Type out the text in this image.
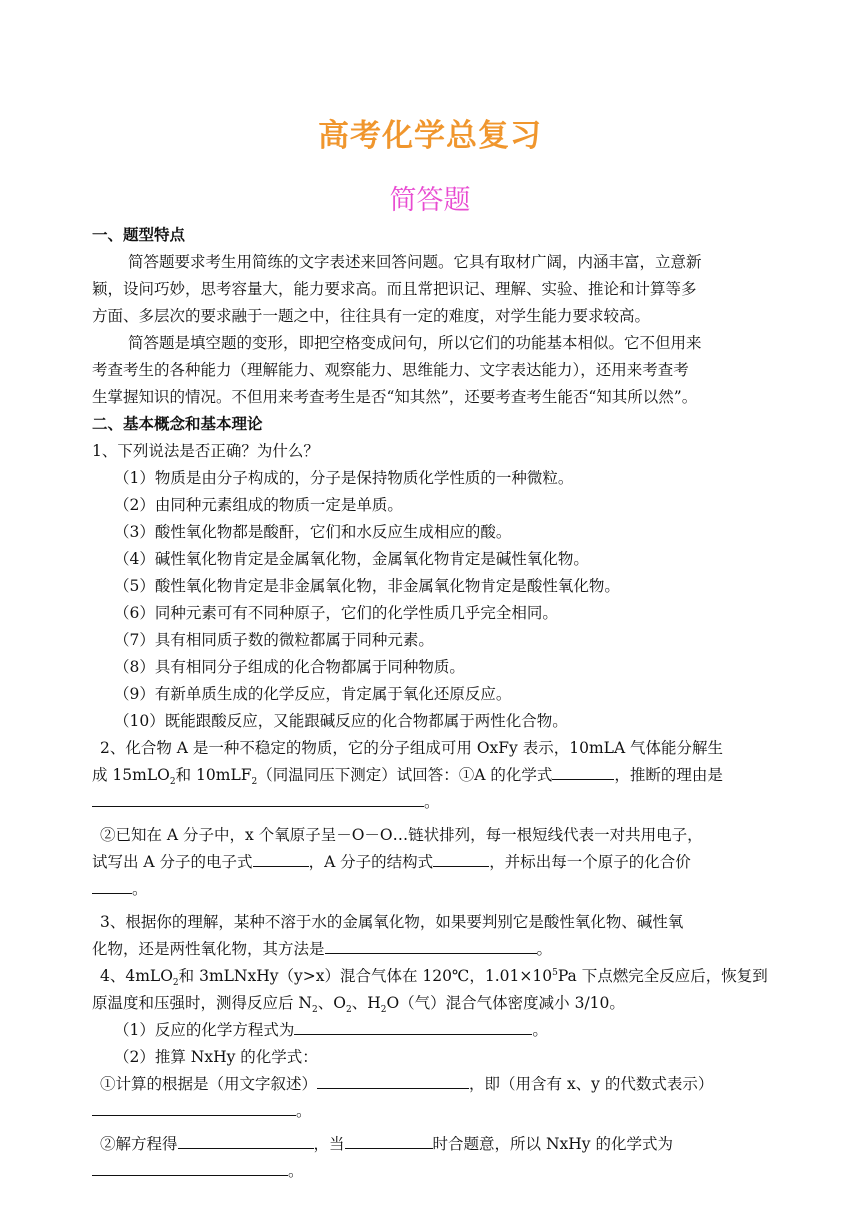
高考化学总复习
简答题
一、题型特点
简答题要求考生用简练的文字表述来回答问题。它具有取材广阔，内涵丰富，立意新
颖，设问巧妙，思考容量大，能力要求高。而且常把识记、理解、实验、推论和计算等多
方面、多层次的要求融于一题之中，往往具有一定的难度，对学生能力要求较高。
简答题是填空题的变形，即把空格变成问句，所以它们的功能基本相似。它不但用来
考查考生的各种能力（理解能力、观察能力、思维能力、文字表达能力），还用来考查考
生掌握知识的情况。不但用来考查考生是否“知其然”，还要考查考生能否“知其所以然”。
二、基本概念和基本理论
1、下列说法是否正确？为什么？
（1）物质是由分子构成的，分子是保持物质化学性质的一种微粒。
（2）由同种元素组成的物质一定是单质。
（3）酸性氧化物都是酸酐，它们和水反应生成相应的酸。
（4）碱性氧化物肯定是金属氧化物，金属氧化物肯定是碱性氧化物。
（5）酸性氧化物肯定是非金属氧化物，非金属氧化物肯定是酸性氧化物。
（6）同种元素可有不同种原子，它们的化学性质几乎完全相同。
（7）具有相同质子数的微粒都属于同种元素。
（8）具有相同分子组成的化合物都属于同种物质。
（9）有新单质生成的化学反应，肯定属于氧化还原反应。
（10）既能跟酸反应，又能跟碱反应的化合物都属于两性化合物。
2、化合物 A 是一种不稳定的物质，它的分子组成可用 OxFy 表示，10mLA 气体能分解生
成 15mLO$_2$和 10mLF$_2$（同温同压下测定）试回答：①A 的化学式	，推断的理由是
。
②已知在 A 分子中，x 个氧原子呈－O－O…链状排列，每一根短线代表一对共用电子，
试写出 A 分子的电子式	，A 分子的结构式	，并标出每一个原子的化合价
。
3、根据你的理解，某种不溶于水的金属氧化物，如果要判别它是酸性氧化物、碱性氧
化物，还是两性氧化物，其方法是	。
4、4mLO$_2$和 3mLNxHy（y>x）混合气体在 120℃，$1.01\times 10^5Pa$ 下点燃完全反应后，恢复到
原温度和压强时，测得反应后 $N_2$、$O_2$、$H_2O$（气）混合气体密度减小 3/10。
（1）反应的化学方程式为	。
（2）推算 NxHy 的化学式：
①计算的根据是（用文字叙述）	，即（用含有 x、y 的代数式表示）
。
②解方程得	，当	时合题意，所以 NxHy 的化学式为
。
